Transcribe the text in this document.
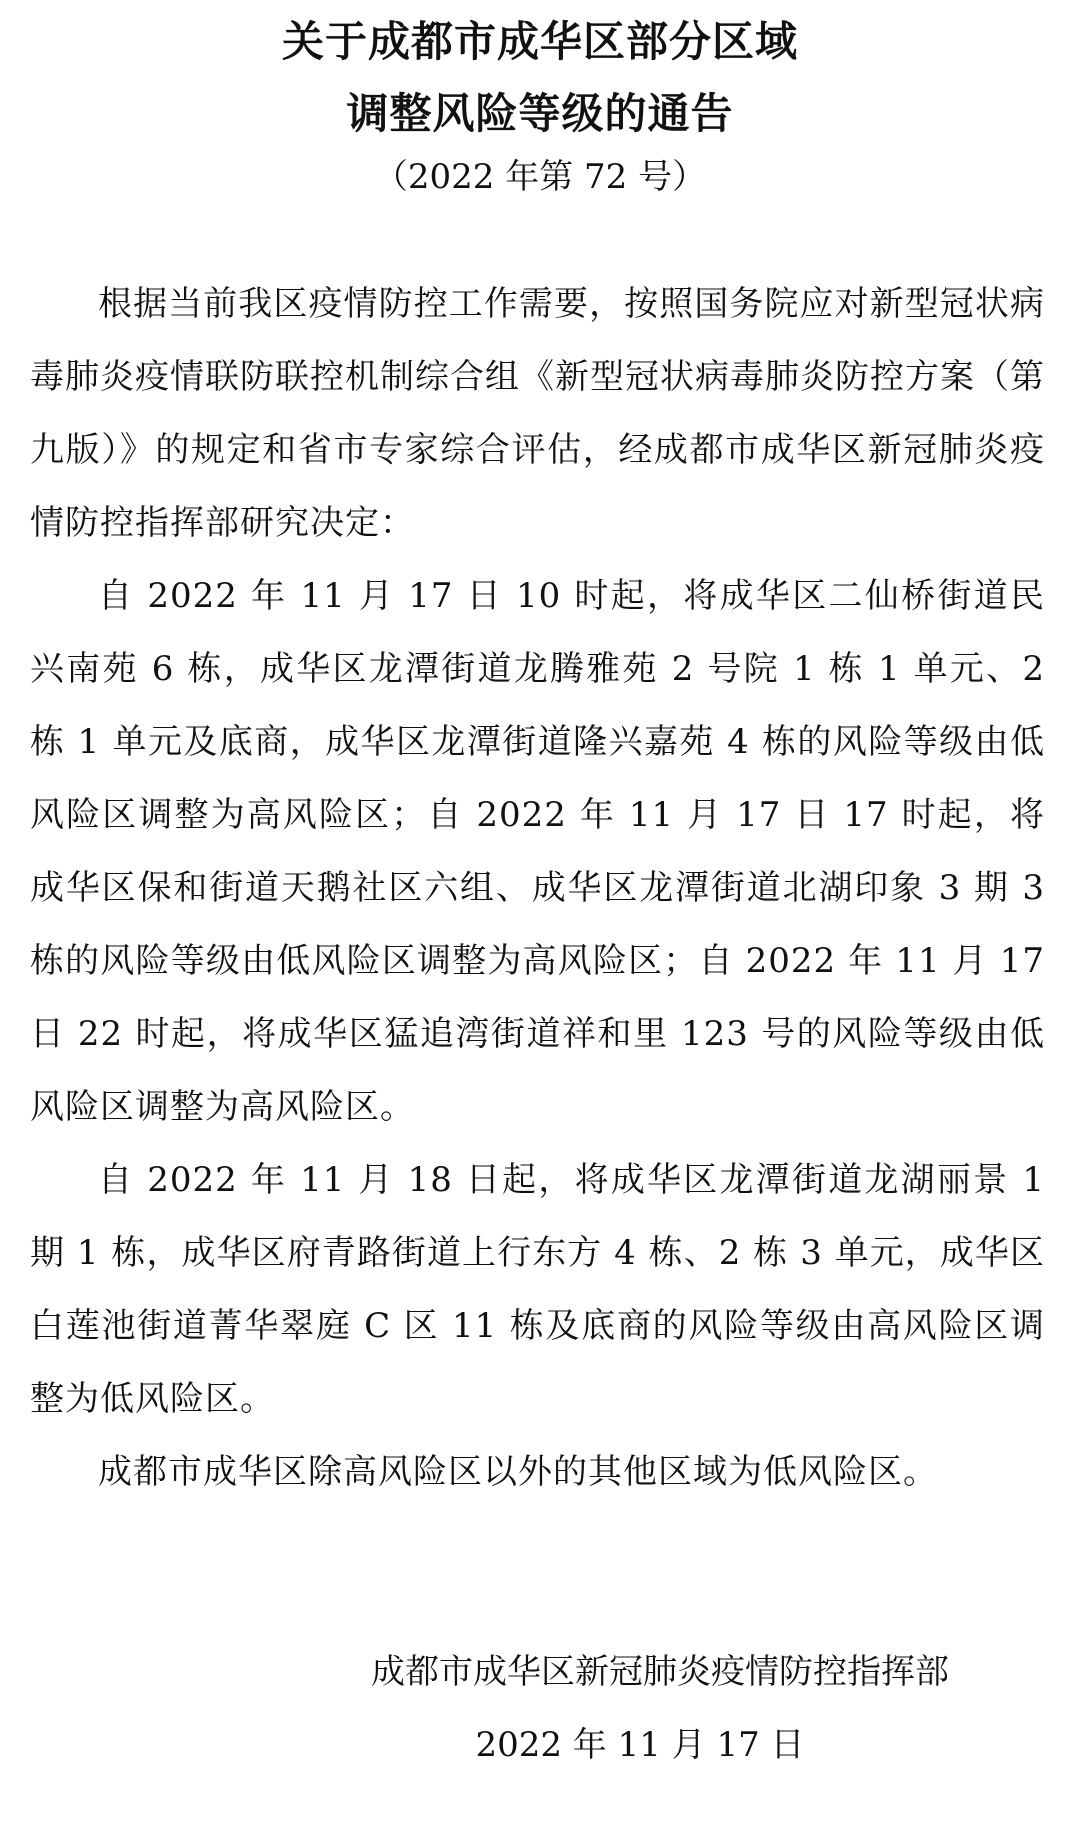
关于成都市成华区部分区域
调整风险等级的通告
（2022 年第 72 号）

根据当前我区疫情防控工作需要，按照国务院应对新型冠状病毒肺炎疫情联防联控机制综合组《新型冠状病毒肺炎防控方案（第九版）》的规定和省市专家综合评估，经成都市成华区新冠肺炎疫情防控指挥部研究决定：

自 2022 年 11 月 17 日 10 时起，将成华区二仙桥街道民兴南苑 6 栋，成华区龙潭街道龙腾雅苑 2 号院 1 栋 1 单元、2 栋 1 单元及底商，成华区龙潭街道隆兴嘉苑 4 栋的风险等级由低风险区调整为高风险区；自 2022 年 11 月 17 日 17 时起，将成华区保和街道天鹅社区六组、成华区龙潭街道北湖印象 3 期 3 栋的风险等级由低风险区调整为高风险区；自 2022 年 11 月 17 日 22 时起，将成华区猛追湾街道祥和里 123 号的风险等级由低风险区调整为高风险区。

自 2022 年 11 月 18 日起，将成华区龙潭街道龙湖丽景 1 期 1 栋，成华区府青路街道上行东方 4 栋、2 栋 3 单元，成华区白莲池街道菁华翠庭 C 区 11 栋及底商的风险等级由高风险区调整为低风险区。

成都市成华区除高风险区以外的其他区域为低风险区。

成都市成华区新冠肺炎疫情防控指挥部
2022 年 11 月 17 日
